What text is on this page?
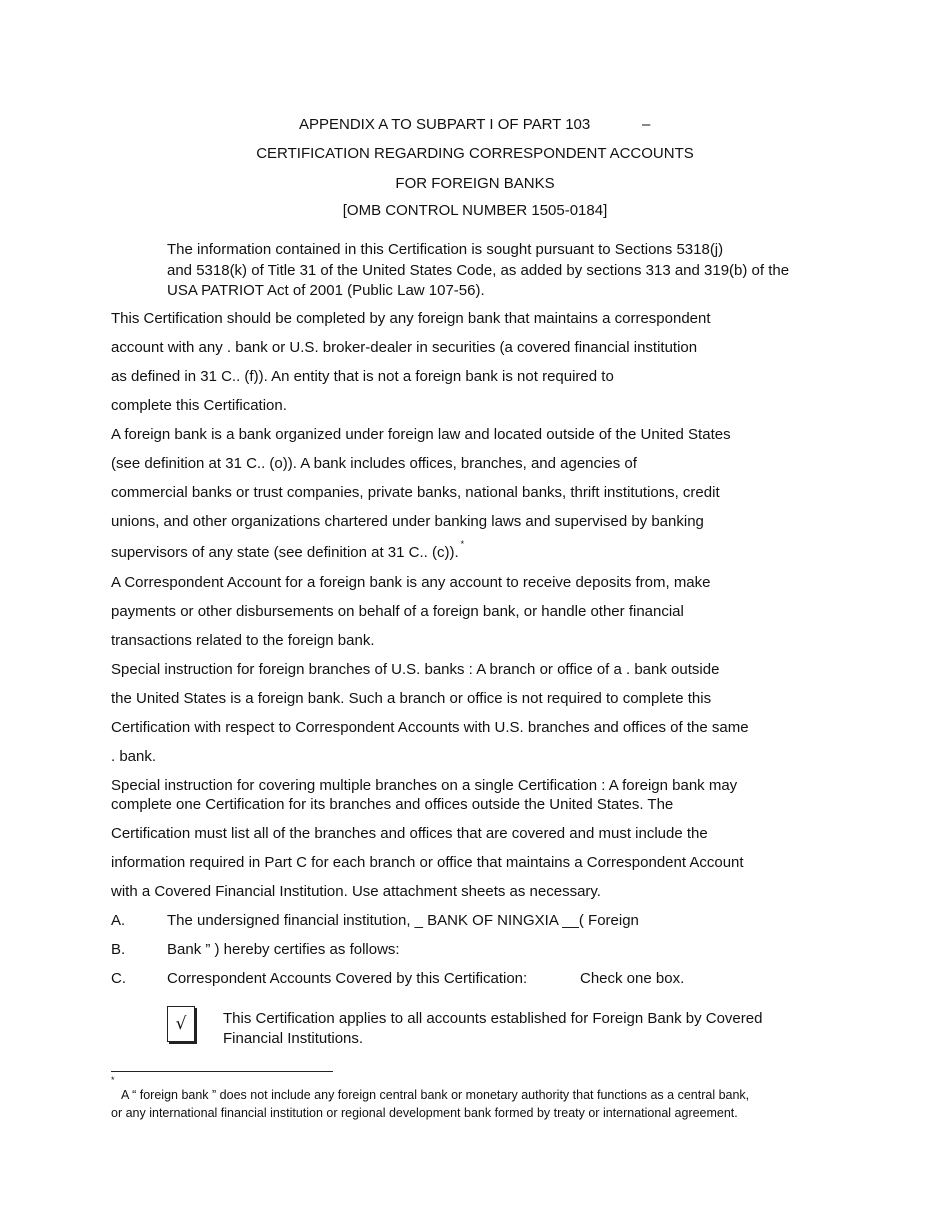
APPENDIX A TO SUBPART I OF PART 103	–
CERTIFICATION REGARDING CORRESPONDENT ACCOUNTS
FOR FOREIGN BANKS
[OMB CONTROL NUMBER 1505-0184]
The information contained in this Certification is sought pursuant to Sections 5318(j)
and 5318(k) of Title 31 of the United States Code, as added by sections 313 and 319(b) of the
USA PATRIOT Act of 2001 (Public Law 107-56).
This Certification should be completed by any foreign bank that maintains a correspondent
account with any . bank or U.S. broker-dealer in securities (a covered financial institution
as defined in 31 C.. (f)). An entity that is not a foreign bank is not required to
complete this Certification.
A foreign bank is a bank organized under foreign law and located outside of the United States
(see definition at 31 C.. (o)). A bank includes offices, branches, and agencies of
commercial banks or trust companies, private banks, national banks, thrift institutions, credit
unions, and other organizations chartered under banking laws and supervised by banking
supervisors of any state (see definition at 31 C.. (c)). *
A Correspondent Account for a foreign bank is any account to receive deposits from, make
payments or other disbursements on behalf of a foreign bank, or handle other financial
transactions related to the foreign bank.
Special instruction for foreign branches of U.S. banks : A branch or office of a . bank outside
the United States is a foreign bank. Such a branch or office is not required to complete this
Certification with respect to Correspondent Accounts with U.S. branches and offices of the same
. bank.
Special instruction for covering multiple branches on a single Certification : A foreign bank may
complete one Certification for its branches and offices outside the United States. The
Certification must list all of the branches and offices that are covered and must include the
information required in Part C for each branch or office that maintains a Correspondent Account
with a Covered Financial Institution. Use attachment sheets as necessary.
A.	The undersigned financial institution, _ BANK OF NINGXIA __( Foreign
B.	Bank ” ) hereby certifies as follows:
C.	Correspondent Accounts Covered by this Certification:	Check one box.
√ This Certification applies to all accounts established for Foreign Bank by Covered
Financial Institutions.
*
A “ foreign bank ” does not include any foreign central bank or monetary authority that functions as a central bank,
or any international financial institution or regional development bank formed by treaty or international agreement.
